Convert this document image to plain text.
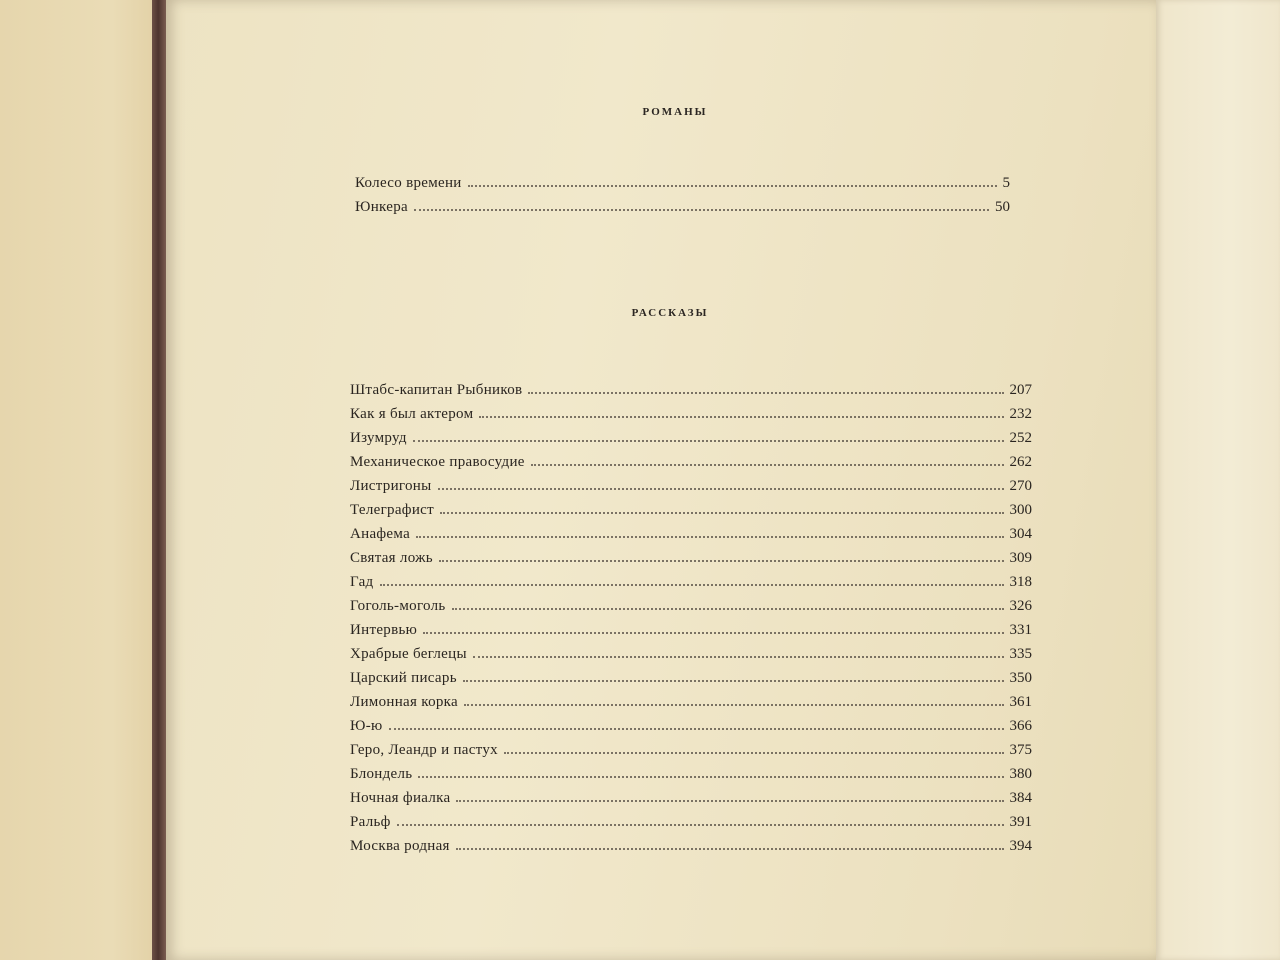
РОМАНЫ
Колесо времени	5
Юнкера	50
РАССКАЗЫ
Штабс-капитан Рыбников	207
Как я был актером	232
Изумруд	252
Механическое правосудие	262
Листригоны	270
Телеграфист	300
Анафема	304
Святая ложь	309
Гад	318
Гоголь-моголь	326
Интервью	331
Храбрые беглецы	335
Царский писарь	350
Лимонная корка	361
Ю-ю	366
Геро, Леандр и пастух	375
Блондель	380
Ночная фиалка	384
Ральф	391
Москва родная	394
